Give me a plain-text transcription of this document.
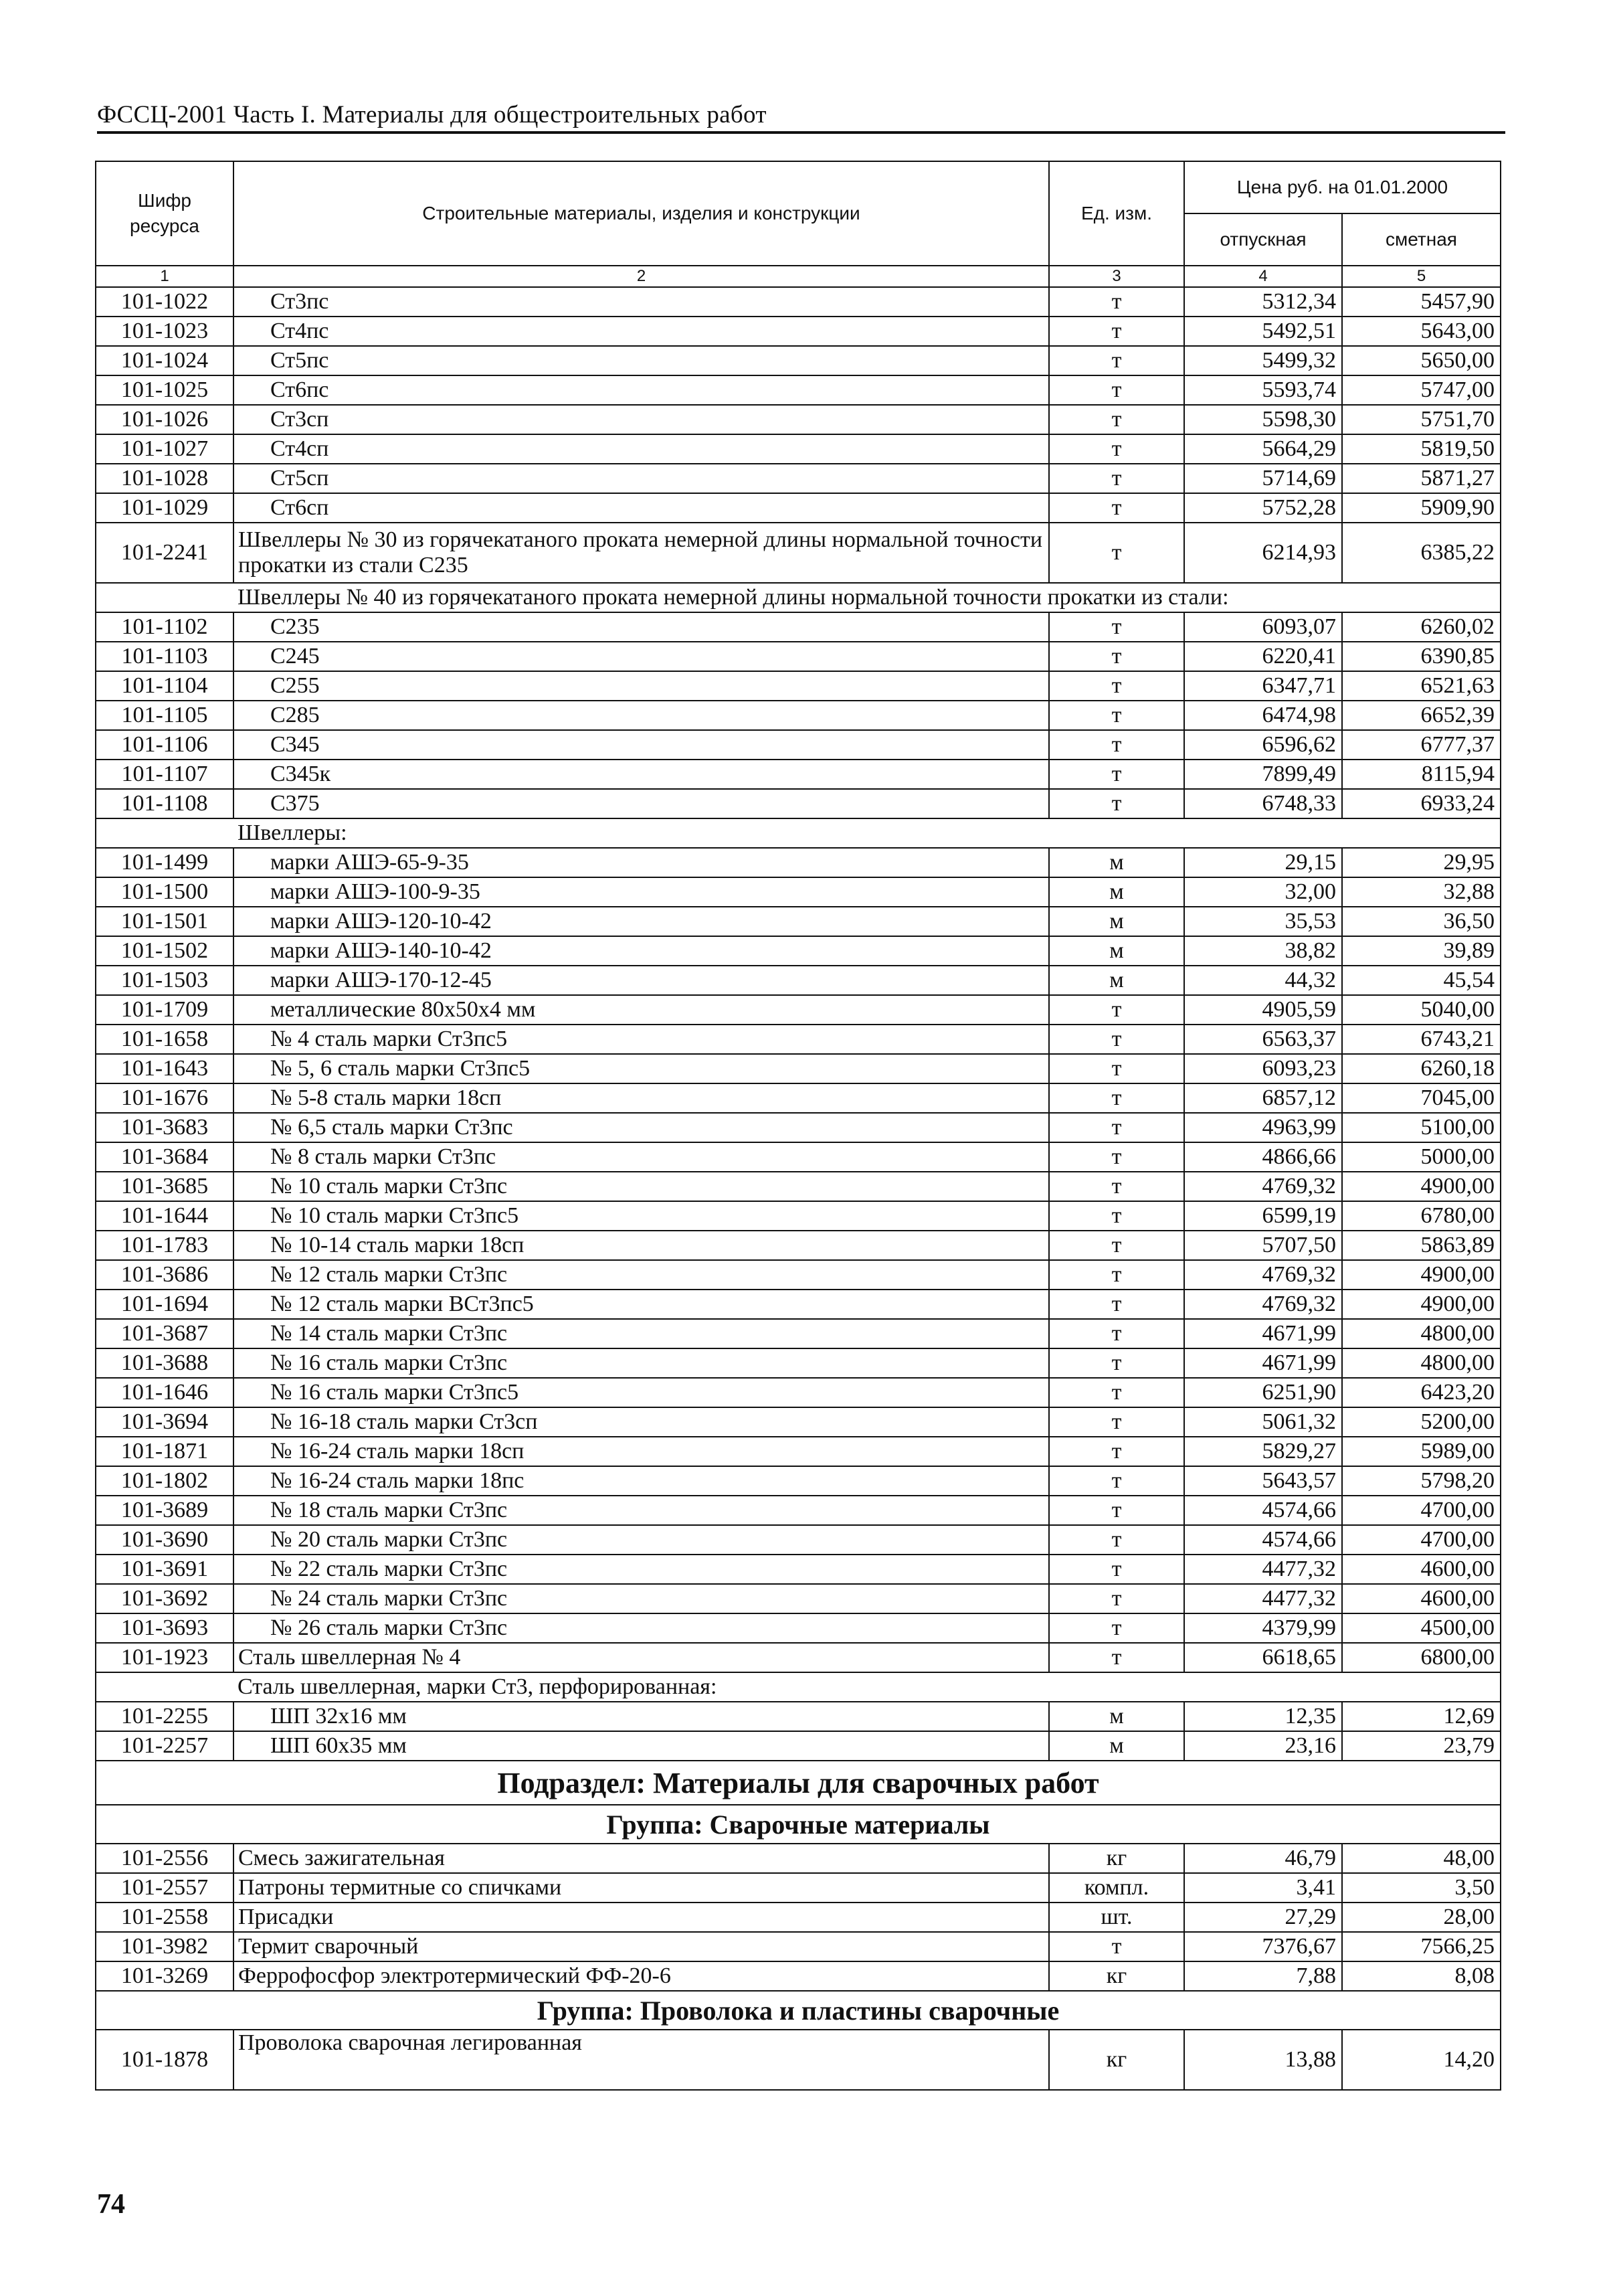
ФССЦ-2001 Часть I. Материалы для общестроительных работ
Шифр ресурса	Строительные материалы, изделия и конструкции	Ед. изм.	Цена руб. на 01.01.2000	
			отпускная	сметная
1	2	3	4	5
101-1022	Ст3пс	т	5312,34	5457,90
101-1023	Ст4пс	т	5492,51	5643,00
101-1024	Ст5пс	т	5499,32	5650,00
101-1025	Ст6пс	т	5593,74	5747,00
101-1026	Ст3сп	т	5598,30	5751,70
101-1027	Ст4сп	т	5664,29	5819,50
101-1028	Ст5сп	т	5714,69	5871,27
101-1029	Ст6сп	т	5752,28	5909,90
101-2241	Швеллеры № 30 из горячекатаного проката немерной длины нормальной точности прокатки из стали С235	т	6214,93	6385,22
	Швеллеры № 40 из горячекатаного проката немерной длины нормальной точности прокатки из стали:			
101-1102	С235	т	6093,07	6260,02
101-1103	С245	т	6220,41	6390,85
101-1104	С255	т	6347,71	6521,63
101-1105	С285	т	6474,98	6652,39
101-1106	С345	т	6596,62	6777,37
101-1107	С345к	т	7899,49	8115,94
101-1108	С375	т	6748,33	6933,24
	Швеллеры:			
101-1499	марки АШЭ-65-9-35	м	29,15	29,95
101-1500	марки АШЭ-100-9-35	м	32,00	32,88
101-1501	марки АШЭ-120-10-42	м	35,53	36,50
101-1502	марки АШЭ-140-10-42	м	38,82	39,89
101-1503	марки АШЭ-170-12-45	м	44,32	45,54
101-1709	металлические 80х50х4 мм	т	4905,59	5040,00
101-1658	№ 4 сталь марки Ст3пс5	т	6563,37	6743,21
101-1643	№ 5, 6 сталь марки Ст3пс5	т	6093,23	6260,18
101-1676	№ 5-8 сталь марки 18сп	т	6857,12	7045,00
101-3683	№ 6,5 сталь марки Ст3пс	т	4963,99	5100,00
101-3684	№ 8 сталь марки Ст3пс	т	4866,66	5000,00
101-3685	№ 10 сталь марки Ст3пс	т	4769,32	4900,00
101-1644	№ 10 сталь марки Ст3пс5	т	6599,19	6780,00
101-1783	№ 10-14 сталь марки 18сп	т	5707,50	5863,89
101-3686	№ 12 сталь марки Ст3пс	т	4769,32	4900,00
101-1694	№ 12 сталь марки ВСт3пс5	т	4769,32	4900,00
101-3687	№ 14 сталь марки Ст3пс	т	4671,99	4800,00
101-3688	№ 16 сталь марки Ст3пс	т	4671,99	4800,00
101-1646	№ 16 сталь марки Ст3пс5	т	6251,90	6423,20
101-3694	№ 16-18 сталь марки Ст3сп	т	5061,32	5200,00
101-1871	№ 16-24 сталь марки 18сп	т	5829,27	5989,00
101-1802	№ 16-24 сталь марки 18пс	т	5643,57	5798,20
101-3689	№ 18 сталь марки Ст3пс	т	4574,66	4700,00
101-3690	№ 20 сталь марки Ст3пс	т	4574,66	4700,00
101-3691	№ 22 сталь марки Ст3пс	т	4477,32	4600,00
101-3692	№ 24 сталь марки Ст3пс	т	4477,32	4600,00
101-3693	№ 26 сталь марки Ст3пс	т	4379,99	4500,00
101-1923	Сталь швеллерная № 4	т	6618,65	6800,00
	Сталь швеллерная, марки Ст3, перфорированная:			
101-2255	ШП 32х16 мм	м	12,35	12,69
101-2257	ШП 60х35 мм	м	23,16	23,79
Подраздел: Материалы для сварочных работ				
Группа: Сварочные материалы				
101-2556	Смесь зажигательная	кг	46,79	48,00
101-2557	Патроны термитные со спичками	компл.	3,41	3,50
101-2558	Присадки	шт.	27,29	28,00
101-3982	Термит сварочный	т	7376,67	7566,25
101-3269	Феррофосфор электротермический ФФ-20-6	кг	7,88	8,08
Группа: Проволока и пластины сварочные				
101-1878	Проволока сварочная легированная	кг	13,88	14,20
74
